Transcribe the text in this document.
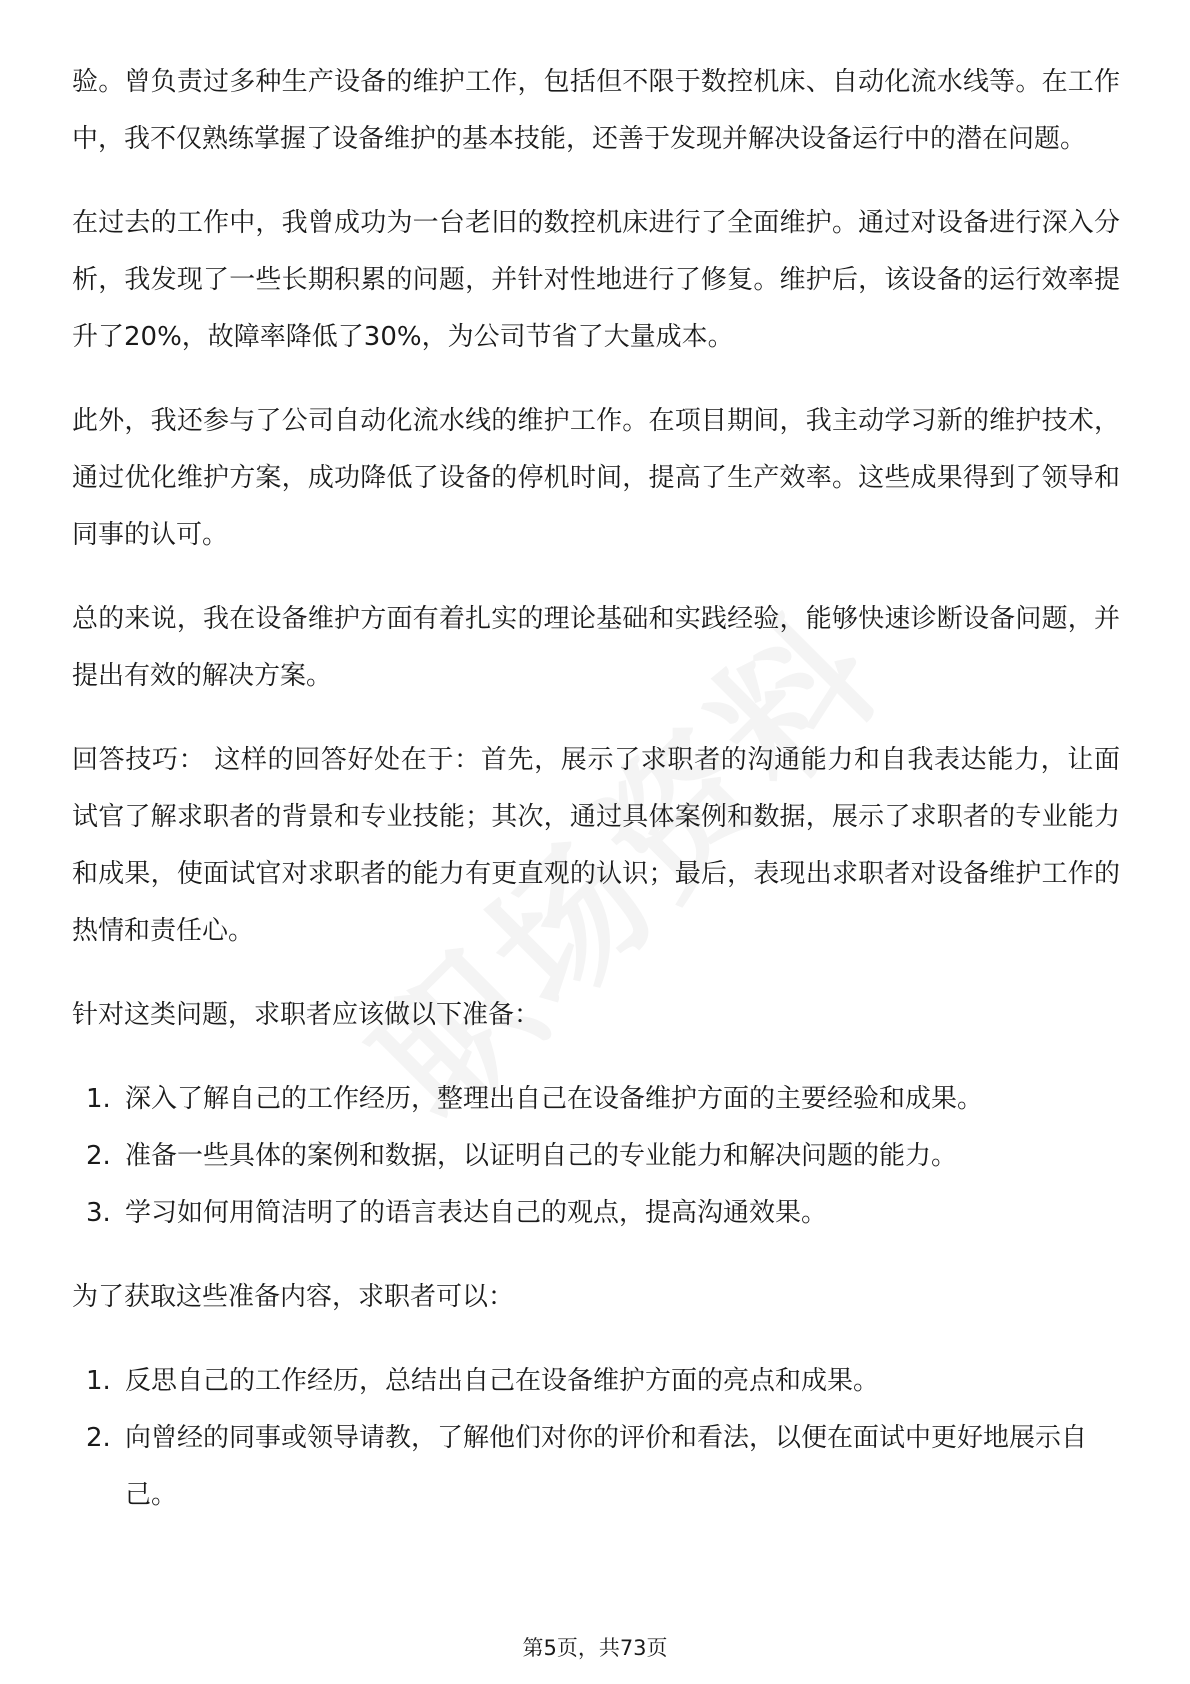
验。曾负责过多种生产设备的维护工作，包括但不限于数控机床、自动化流水线等。在工作中，我不仅熟练掌握了设备维护的基本技能，还善于发现并解决设备运行中的潜在问题。

在过去的工作中，我曾成功为一台老旧的数控机床进行了全面维护。通过对设备进行深入分析，我发现了一些长期积累的问题，并针对性地进行了修复。维护后，该设备的运行效率提升了20%，故障率降低了30%，为公司节省了大量成本。

此外，我还参与了公司自动化流水线的维护工作。在项目期间，我主动学习新的维护技术，通过优化维护方案，成功降低了设备的停机时间，提高了生产效率。这些成果得到了领导和同事的认可。

总的来说，我在设备维护方面有着扎实的理论基础和实践经验，能够快速诊断设备问题，并提出有效的解决方案。

回答技巧： 这样的回答好处在于：首先，展示了求职者的沟通能力和自我表达能力，让面试官了解求职者的背景和专业技能；其次，通过具体案例和数据，展示了求职者的专业能力和成果，使面试官对求职者的能力有更直观的认识；最后，表现出求职者对设备维护工作的热情和责任心。

针对这类问题，求职者应该做以下准备：

1. 深入了解自己的工作经历，整理出自己在设备维护方面的主要经验和成果。
2. 准备一些具体的案例和数据，以证明自己的专业能力和解决问题的能力。
3. 学习如何用简洁明了的语言表达自己的观点，提高沟通效果。

为了获取这些准备内容，求职者可以：

1. 反思自己的工作经历，总结出自己在设备维护方面的亮点和成果。
2. 向曾经的同事或领导请教，了解他们对你的评价和看法，以便在面试中更好地展示自己。
第5页，共73页
